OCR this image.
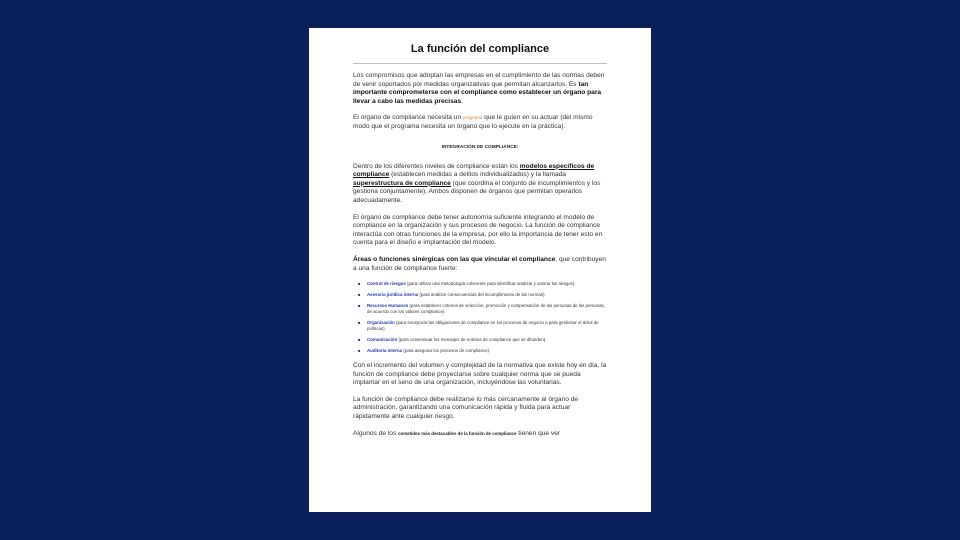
La función del compliance

Los compromisos que adoptan las empresas en el cumplimiento de las normas deben de venir soportados por medidas organizativas que permitan alcanzarlos. Es tan importante comprometerse con el compliance como establecer un órgano para llevar a cabo las medidas precisas.

El órgano de compliance necesita un programa que le guíen en su actuar (del mismo modo que el programa necesita un órgano que lo ejecute en la práctica).

INTEGRACIÓN DE COMPLIANCE:

Dentro de los diferentes niveles de compliance están los modelos específicos de compliance (establecen medidas a delitos individualizados) y la llamada superestructura de compliance (que coordina el conjunto de incumplimientos y los gestiona conjuntamente). Ambos disponen de órganos que permitan operarlos adecuadamente.

El órgano de compliance debe tener autonomía suficiente integrando el modelo de compliance en la organización y sus procesos de negocio. La función de compliance interactúa con otras funciones de la empresa, por ello la importancia de tener esto en cuenta para el diseño e implantación del modelo.

Áreas o funciones sinérgicas con las que vincular el compliance, que contribuyen a una función de compliance fuerte:

■ Control de riesgos (para utilizar una metodología coherente para identificar analizar y valorar los riesgos).
■ Asesoría jurídica interna (para analizar consecuencias del incumplimiento de las normas).
■ Recursos Humanos (para establecer criterios de selección, promoción y compensación de las personas de las personas, de acuerdo con los valores compliance).
■ Organización (para incorporar las obligaciones de compliance en los procesos de negocio o para gestionar el árbol de políticas).
■ Comunicación (para consensuar los mensajes de noticias de compliance que se difunden).
■ Auditoría interna (para asegurar los procesos de compliance).

Con el incremento del volumen y complejidad de la normativa que existe hoy en día, la función de compliance debe proyectarse sobre cualquier norma que se pueda implantar en el seno de una organización, incluyéndose las voluntarias.

La función de compliance debe realizarse lo más cercanamente al órgano de administración, garantizando una comunicación rápida y fluida para actuar rápidamente ante cualquier riesgo.

Algunos de los cometidos más destacables de la función de compliance tienen que ver
